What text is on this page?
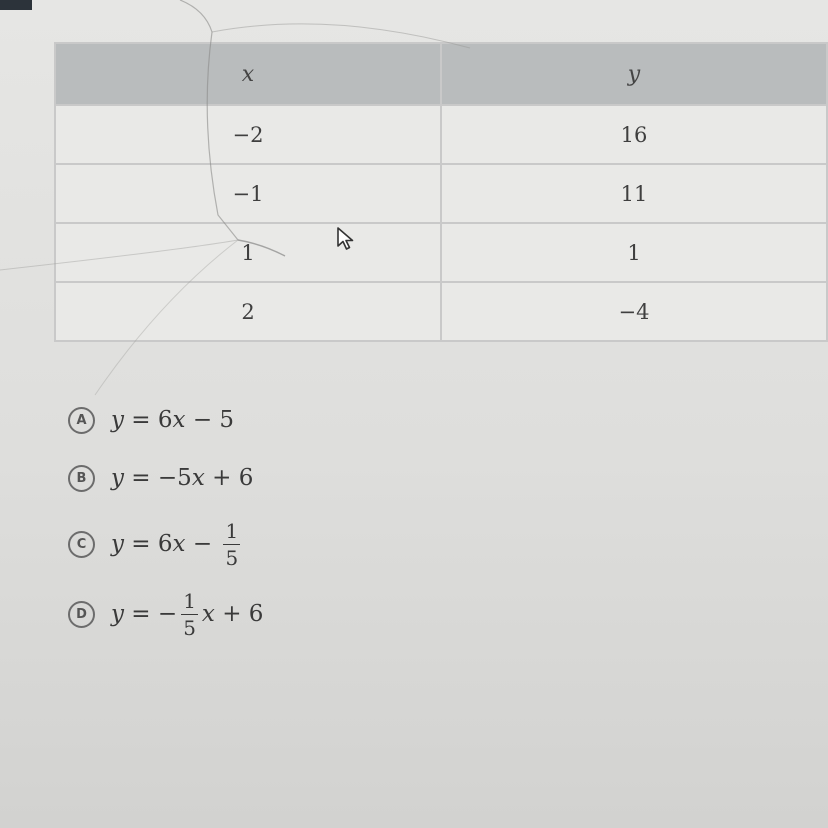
x	y
−2	16
−1	11
1	1
2	−4
A	y = 6 x − 5
B	y = −5 x + 6
C	y = 6 $x - \frac{1}{5}$
D	y = − $\frac{1}{5}$ x + 6
